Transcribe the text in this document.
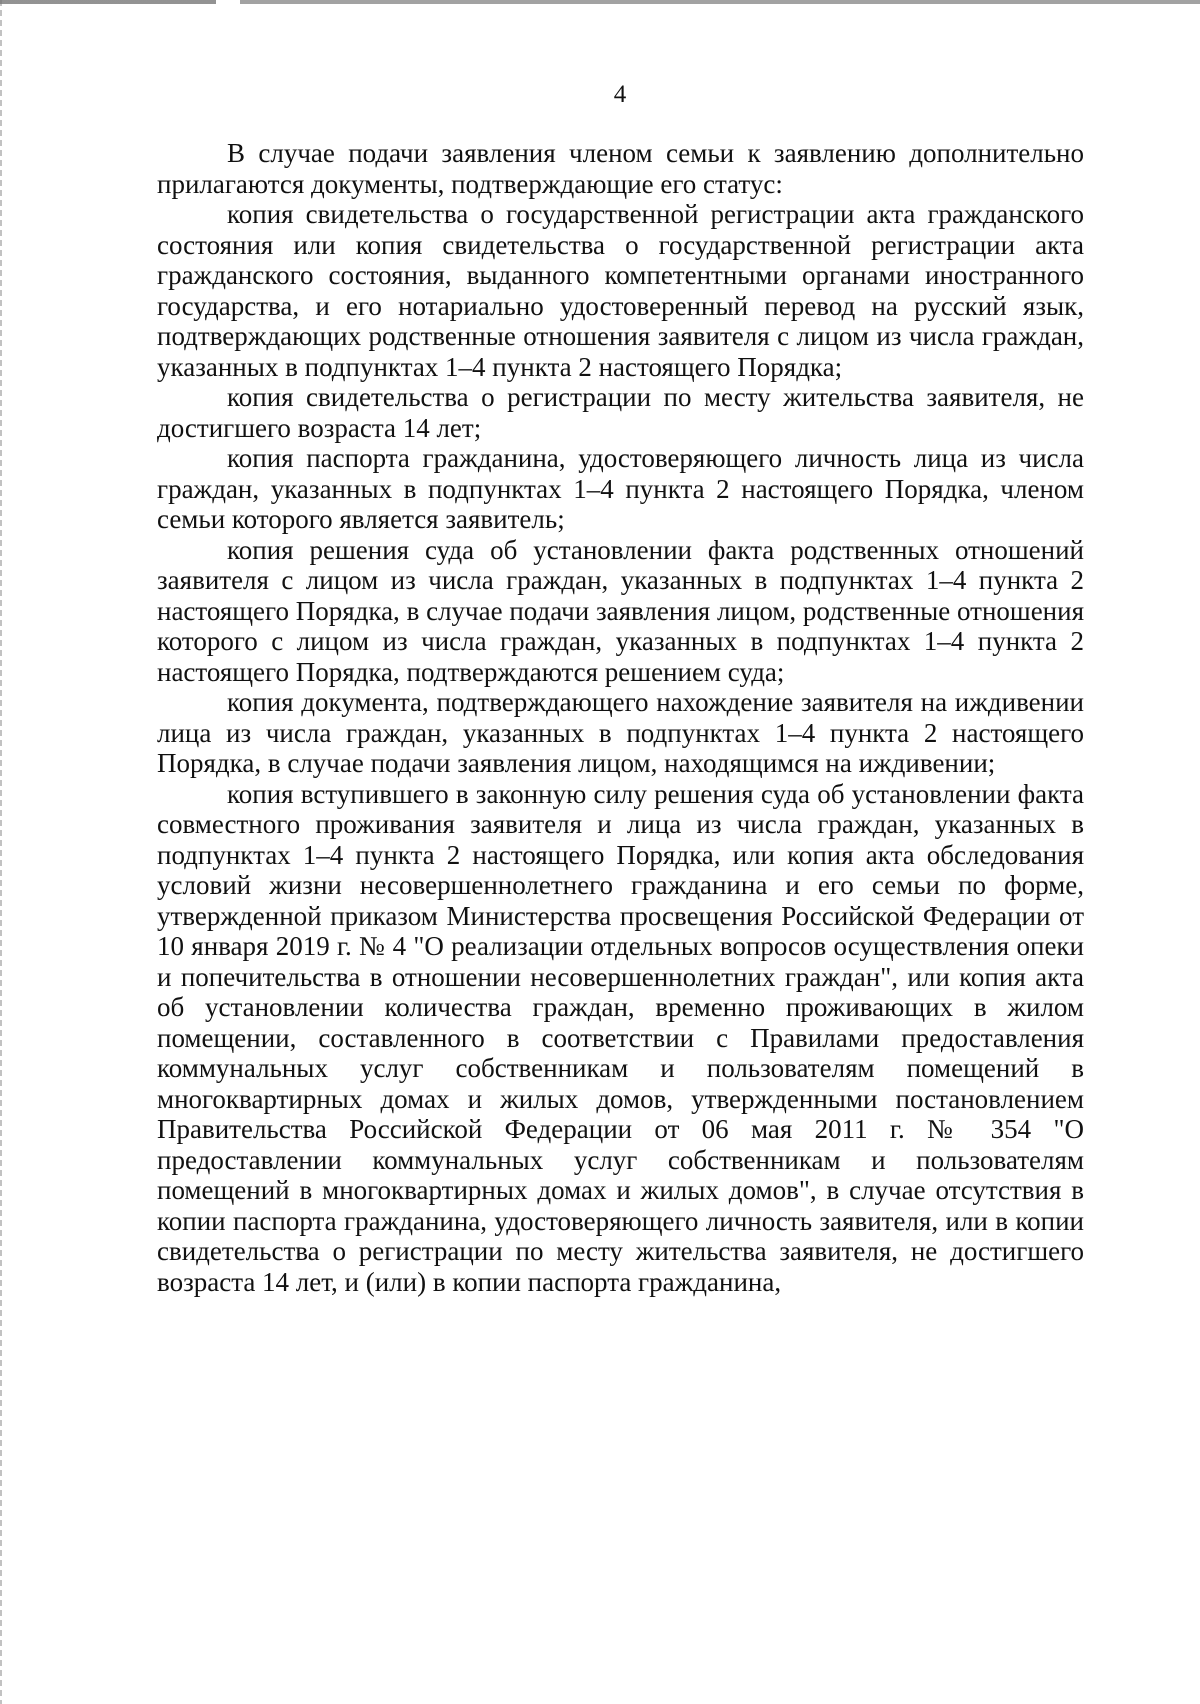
4

В случае подачи заявления членом семьи к заявлению дополнительно прилагаются документы, подтверждающие его статус:

копия свидетельства о государственной регистрации акта гражданского состояния или копия свидетельства о государственной регистрации акта гражданского состояния, выданного компетентными органами иностранного государства, и его нотариально удостоверенный перевод на русский язык, подтверждающих родственные отношения заявителя с лицом из числа граждан, указанных в подпунктах 1–4 пункта 2 настоящего Порядка;

копия свидетельства о регистрации по месту жительства заявителя, не достигшего возраста 14 лет;

копия паспорта гражданина, удостоверяющего личность лица из числа граждан, указанных в подпунктах 1–4 пункта 2 настоящего Порядка, членом семьи которого является заявитель;

копия решения суда об установлении факта родственных отношений заявителя с лицом из числа граждан, указанных в подпунктах 1–4 пункта 2 настоящего Порядка, в случае подачи заявления лицом, родственные отношения которого с лицом из числа граждан, указанных в подпунктах 1–4 пункта 2 настоящего Порядка, подтверждаются решением суда;

копия документа, подтверждающего нахождение заявителя на иждивении лица из числа граждан, указанных в подпунктах 1–4 пункта 2 настоящего Порядка, в случае подачи заявления лицом, находящимся на иждивении;

копия вступившего в законную силу решения суда об установлении факта совместного проживания заявителя и лица из числа граждан, указанных в подпунктах 1–4 пункта 2 настоящего Порядка, или копия акта обследования условий жизни несовершеннолетнего гражданина и его семьи по форме, утвержденной приказом Министерства просвещения Российской Федерации от 10 января 2019 г. № 4 "О реализации отдельных вопросов осуществления опеки и попечительства в отношении несовершеннолетних граждан", или копия акта об установлении количества граждан, временно проживающих в жилом помещении, составленного в соответствии с Правилами предоставления коммунальных услуг собственникам и пользователям помещений в многоквартирных домах и жилых домов, утвержденными постановлением Правительства Российской Федерации от 06 мая 2011 г. № 354 "О предоставлении коммунальных услуг собственникам и пользователям помещений в многоквартирных домах и жилых домов", в случае отсутствия в копии паспорта гражданина, удостоверяющего личность заявителя, или в копии свидетельства о регистрации по месту жительства заявителя, не достигшего возраста 14 лет, и (или) в копии паспорта гражданина,
